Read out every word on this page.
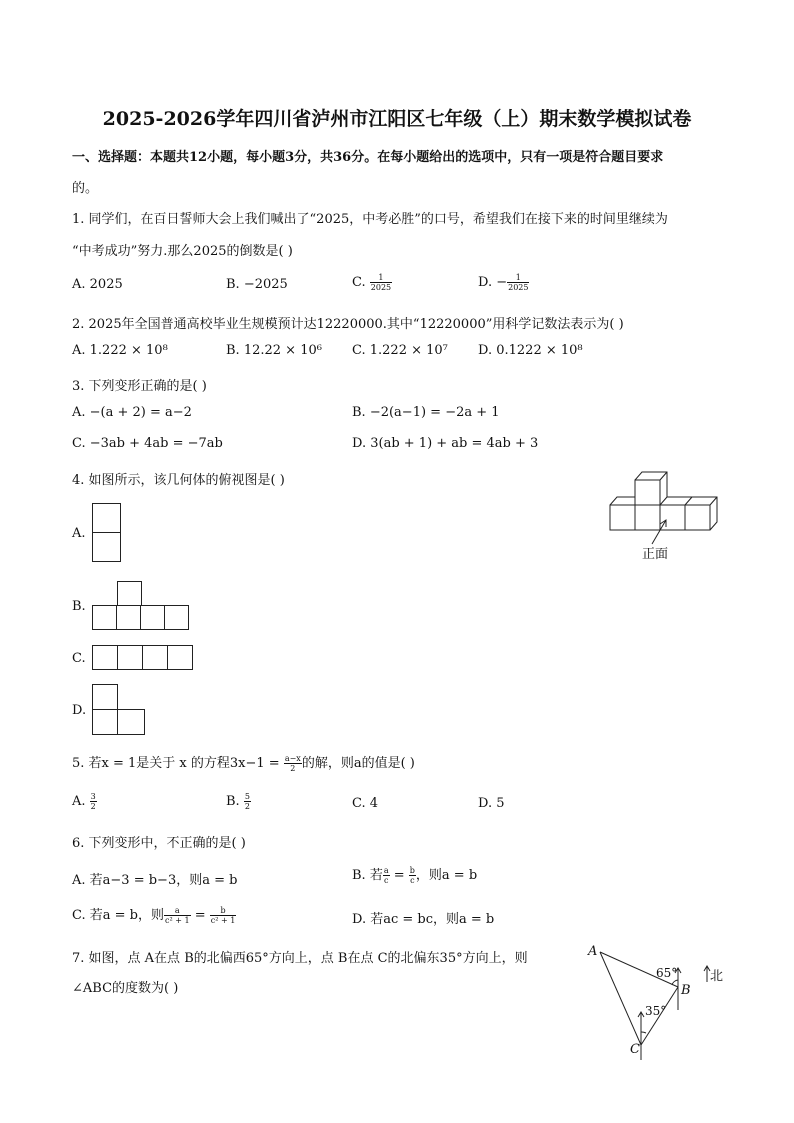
2025-2026学年四川省泸州市江阳区七年级（上）期末数学模拟试卷
一、选择题：本题共12小题，每小题3分，共36分。在每小题给出的选项中，只有一项是符合题目要求
的。
1. 同学们，在百日誓师大会上我们喊出了“2025，中考必胜”的口号，希望我们在接下来的时间里继续为
“中考成功”努力.那么2025的倒数是( )
A. 2025	B. −2025	C. $\frac{1}{2025}$	D. − $\frac{1}{2025}$
2. 2025年全国普通高校毕业生规模预计达12220000.其中“12220000”用科学记数法表示为( )
A. 1.222 × 10⁸	B. 12.22 × 10⁶ C. 1.222 × 10⁷ D. 0.1222 × 10⁸
3. 下列变形正确的是( )
A. −(a + 2) = a−2	B. −2(a−1) = −2a + 1
C. −3ab + 4ab = −7ab	D. 3(ab + 1) + ab = 4ab + 3
4. 如图所示，该几何体的俯视图是( )
正面
A.
B.
C.
D.
5. 若x = 1是关于 x 的方程$3x-1 = \frac{a-x}{2}$ 的解，则a的值是( )
A. $\frac{3}{2}$	B. $\frac{5}{2}$	C. 4	D. 5
6. 下列变形中，不正确的是( )
A. 若a−3 = b−3，则a = b	B. 若 $\frac{a}{c} = \frac{b}{c}$ ，则a = b
C. 若a = b，则 $\frac{a}{\text{c² + 1}} = \frac{b}{\text{c² + 1}}$	D. 若ac = bc，则a = b
7. 如图，点 A在点 B的北偏西65°方向上，点 B在点 C的北偏东35°方向上，则
∠ABC的度数为( )
A
B
C
65°
35°
北
